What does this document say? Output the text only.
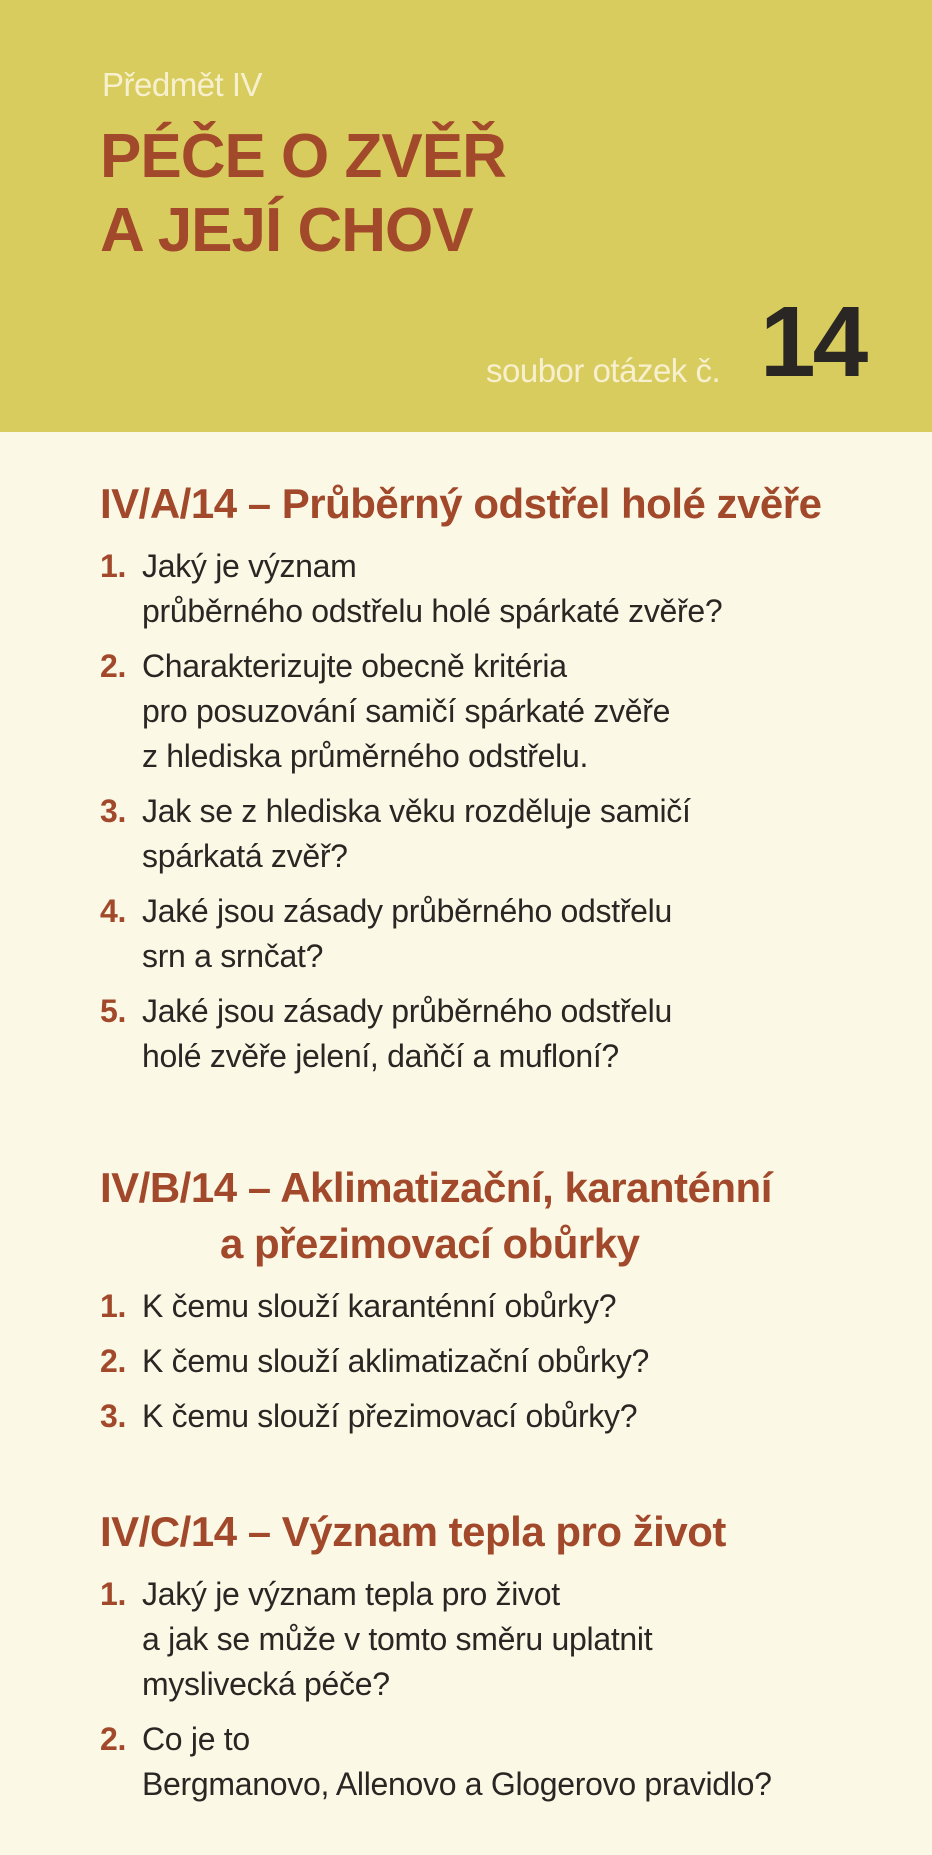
Předmět IV
PÉČE O ZVĚŘ
A JEJÍ CHOV
soubor otázek č. 14
IV/A/14 – Průběrný odstřel holé zvěře
1. Jaký je význam
průběrného odstřelu holé spárkaté zvěře?
2. Charakterizujte obecně kritéria
pro posuzování samičí spárkaté zvěře
z hlediska průměrného odstřelu.
3. Jak se z hlediska věku rozděluje samičí
spárkatá zvěř?
4. Jaké jsou zásady průběrného odstřelu
srn a srnčat?
5. Jaké jsou zásady průběrného odstřelu
holé zvěře jelení, daňčí a mufloní?
IV/B/14 – Aklimatizační, karanténní
a přezimovací obůrky
1. K čemu slouží karanténní obůrky?
2. K čemu slouží aklimatizační obůrky?
3. K čemu slouží přezimovací obůrky?
IV/C/14 – Význam tepla pro život
1. Jaký je význam tepla pro život
a jak se může v tomto směru uplatnit
myslivecká péče?
2. Co je to
Bergmanovo, Allenovo a Glogerovo pravidlo?
